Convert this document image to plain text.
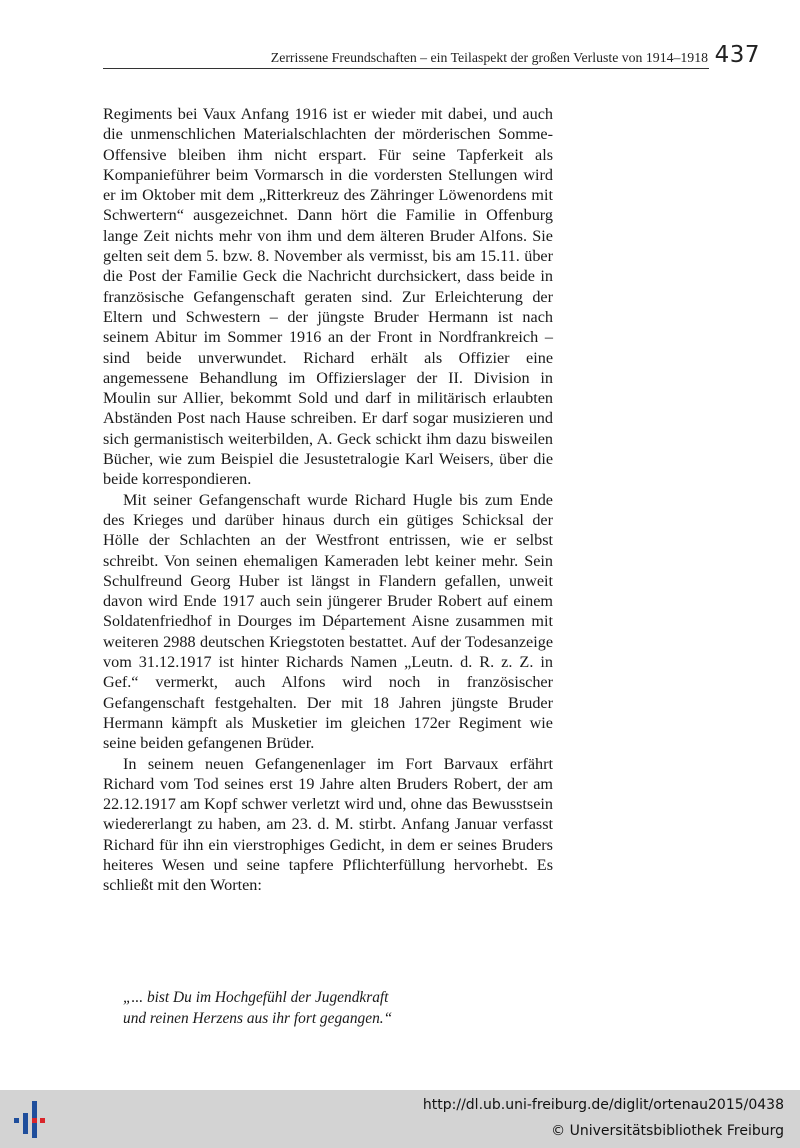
Zerrissene Freundschaften – ein Teilaspekt der großen Verluste von 1914–1918 437

Regiments bei Vaux Anfang 1916 ist er wieder mit dabei, und auch die unmenschlichen Materialschlachten der mörderischen Somme-Offensive bleiben ihm nicht erspart. Für seine Tapferkeit als Kompanieführer beim Vormarsch in die vordersten Stellungen wird er im Oktober mit dem „Ritterkreuz des Zähringer Löwenordens mit Schwertern“ ausgezeichnet. Dann hört die Familie in Offenburg lange Zeit nichts mehr von ihm und dem älteren Bruder Alfons. Sie gelten seit dem 5. bzw. 8. November als vermisst, bis am 15.11. über die Post der Familie Geck die Nachricht durchsickert, dass beide in französische Gefangenschaft geraten sind. Zur Erleichterung der Eltern und Schwestern – der jüngste Bruder Hermann ist nach seinem Abitur im Sommer 1916 an der Front in Nordfrankreich – sind beide unverwundet. Richard erhält als Offizier eine angemessene Behandlung im Offizierslager der II. Division in Moulin sur Allier, bekommt Sold und darf in militärisch erlaubten Abständen Post nach Hause schreiben. Er darf sogar musizieren und sich germanistisch weiterbilden, A. Geck schickt ihm dazu bisweilen Bücher, wie zum Beispiel die Jesustetralogie Karl Weisers, über die beide korrespondieren.

Mit seiner Gefangenschaft wurde Richard Hugle bis zum Ende des Krieges und darüber hinaus durch ein gütiges Schicksal der Hölle der Schlachten an der Westfront entrissen, wie er selbst schreibt. Von seinen ehemaligen Kameraden lebt keiner mehr. Sein Schulfreund Georg Huber ist längst in Flandern gefallen, unweit davon wird Ende 1917 auch sein jüngerer Bruder Robert auf einem Soldatenfriedhof in Dourges im Département Aisne zusammen mit weiteren 2988 deutschen Kriegstoten bestattet. Auf der Todesanzeige vom 31.12.1917 ist hinter Richards Namen „Leutn. d. R. z. Z. in Gef.“ vermerkt, auch Alfons wird noch in französischer Gefangenschaft festgehalten. Der mit 18 Jahren jüngste Bruder Hermann kämpft als Musketier im gleichen 172er Regiment wie seine beiden gefangenen Brüder.

In seinem neuen Gefangenenlager im Fort Barvaux erfährt Richard vom Tod seines erst 19 Jahre alten Bruders Robert, der am 22.12.1917 am Kopf schwer verletzt wird und, ohne das Bewusstsein wiedererlangt zu haben, am 23. d. M. stirbt. Anfang Januar verfasst Richard für ihn ein vierstrophiges Gedicht, in dem er seines Bruders heiteres Wesen und seine tapfere Pflichterfüllung hervorhebt. Es schließt mit den Worten:

„... bist Du im Hochgefühl der Jugendkraft
und reinen Herzens aus ihr fort gegangen.“
http://dl.ub.uni-freiburg.de/diglit/ortenau2015/0438
© Universitätsbibliothek Freiburg
